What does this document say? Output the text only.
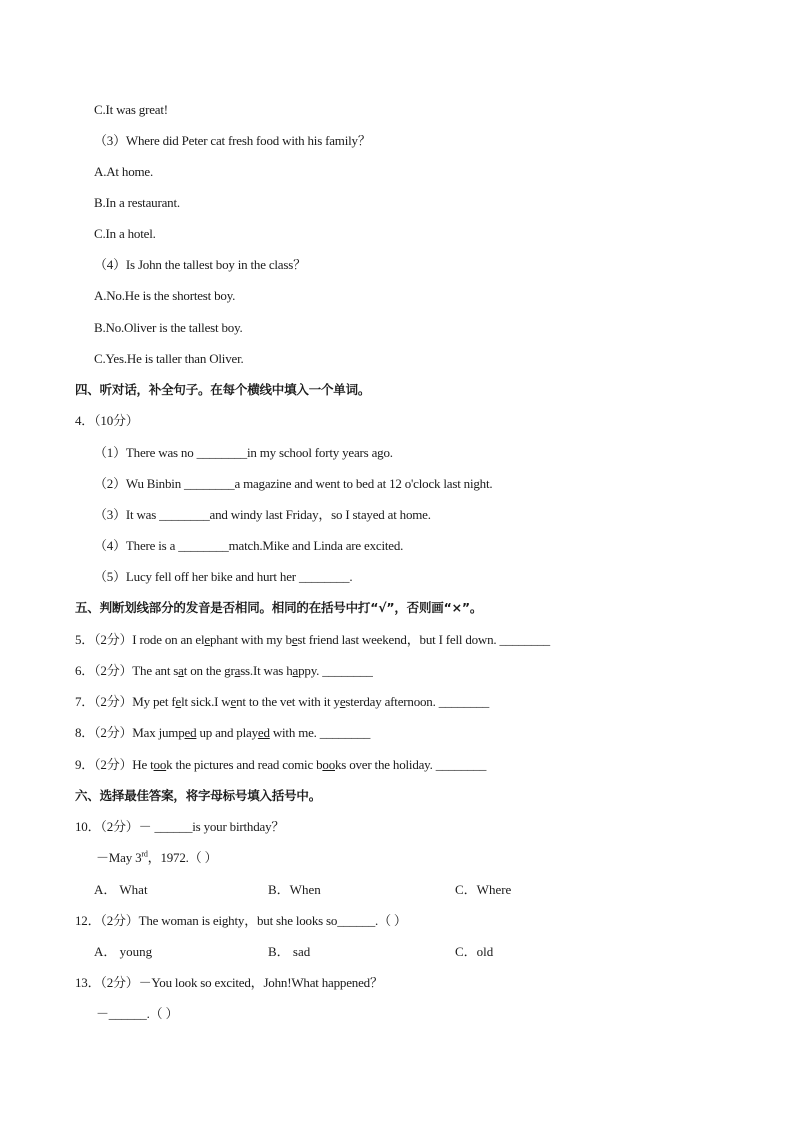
C.It was great!
（3）Where did Peter cat fresh food with his family？
A.At home.
B.In a restaurant.
C.In a hotel.
（4）Is John the tallest boy in the class？
A.No.He is the shortest boy.
B.No.Oliver is the tallest boy.
C.Yes.He is taller than Oliver.
四、听对话，补全句子。在每个横线中填入一个单词。
4．（10分）
（1）There was no ________in my school forty years ago.
（2）Wu Binbin ________a magazine and went to bed at 12 o'clock last night.
（3）It was ________and windy last Friday，so I stayed at home.
（4）There is a ________match.Mike and Linda are excited.
（5）Lucy fell off her bike and hurt her ________.
五、判断划线部分的发音是否相同。相同的在括号中打“√”，否则画“×”。
5．（2分）I rode on an elephant with my best friend last weekend，but I fell down. ________
6．（2分）The ant sat on the grass.It was happy. ________
7．（2分）My pet felt sick.I went to the vet with it yesterday afternoon. ________
8．（2分）Max jumped up and played with me. ________
9．（2分）He took the pictures and read comic books over the holiday. ________
六、选择最佳答案，将字母标号填入括号中。
10．（2分）－ ______is your birthday？
－May 3rd，1972.（ ）
A． What	B．When	C．Where
12．（2分）The woman is eighty，but she looks so______.（ ）
A． young	B． sad	C．old
13．（2分）－You look so excited，John!What happened？
－______.（ ）
